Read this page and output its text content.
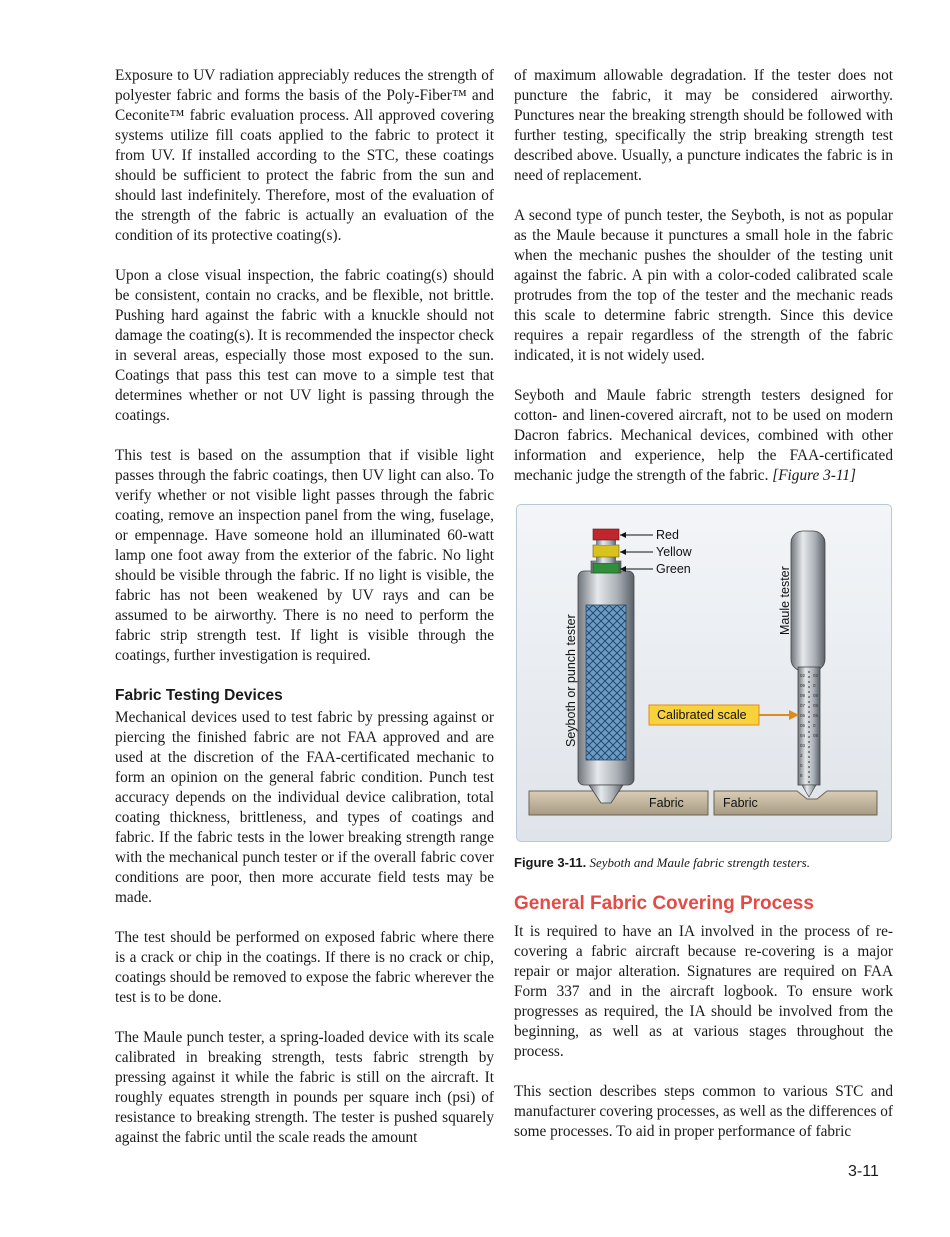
Exposure to UV radiation appreciably reduces the strength of polyester fabric and forms the basis of the Poly-Fiber™ and Ceconite™ fabric evaluation process. All approved covering systems utilize fill coats applied to the fabric to protect it from UV. If installed according to the STC, these coatings should be sufficient to protect the fabric from the sun and should last indefinitely. Therefore, most of the evaluation of the strength of the fabric is actually an evaluation of the condition of its protective coating(s).

Upon a close visual inspection, the fabric coating(s) should be consistent, contain no cracks, and be flexible, not brittle. Pushing hard against the fabric with a knuckle should not damage the coating(s). It is recommended the inspector check in several areas, especially those most exposed to the sun. Coatings that pass this test can move to a simple test that determines whether or not UV light is passing through the coatings.

This test is based on the assumption that if visible light passes through the fabric coatings, then UV light can also. To verify whether or not visible light passes through the fabric coating, remove an inspection panel from the wing, fuselage, or empennage. Have someone hold an illuminated 60-watt lamp one foot away from the exterior of the fabric. No light should be visible through the fabric. If no light is visible, the fabric has not been weakened by UV rays and can be assumed to be airworthy. There is no need to perform the fabric strip strength test. If light is visible through the coatings, further investigation is required.

Fabric Testing Devices

Mechanical devices used to test fabric by pressing against or piercing the finished fabric are not FAA approved and are used at the discretion of the FAA-certificated mechanic to form an opinion on the general fabric condition. Punch test accuracy depends on the individual device calibration, total coating thickness, brittleness, and types of coatings and fabric. If the fabric tests in the lower breaking strength range with the mechanical punch tester or if the overall fabric cover conditions are poor, then more accurate field tests may be made.

The test should be performed on exposed fabric where there is a crack or chip in the coatings. If there is no crack or chip, coatings should be removed to expose the fabric wherever the test is to be done.

The Maule punch tester, a spring-loaded device with its scale calibrated in breaking strength, tests fabric strength by pressing against it while the fabric is still on the aircraft. It roughly equates strength in pounds per square inch (psi) of resistance to breaking strength. The tester is pushed squarely against the fabric until the scale reads the amount

of maximum allowable degradation. If the tester does not puncture the fabric, it may be considered airworthy. Punctures near the breaking strength should be followed with further testing, specifically the strip breaking strength test described above. Usually, a puncture indicates the fabric is in need of replacement.

A second type of punch tester, the Seyboth, is not as popular as the Maule because it punctures a small hole in the fabric when the mechanic pushes the shoulder of the testing unit against the fabric. A pin with a color-coded calibrated scale protrudes from the top of the tester and the mechanic reads this scale to determine fabric strength. Since this device requires a repair regardless of the strength of the fabric indicated, it is not widely used.

Seyboth and Maule fabric strength testers designed for cotton- and linen-covered aircraft, not to be used on modern Dacron fabrics. Mechanical devices, combined with other information and experience, help the FAA-certificated mechanic judge the strength of the fabric. [Figure 3-11]

Red
Yellow
Green
Seyboth or punch tester
Maule tester
Calibrated scale
Fabric	Fabric
02
09
08
07
06
05
04
03
2
0
8
02
0
08
08
08
0
08

Figure 3-11. Seyboth and Maule fabric strength testers.

General Fabric Covering Process

It is required to have an IA involved in the process of re-covering a fabric aircraft because re-covering is a major repair or major alteration. Signatures are required on FAA Form 337 and in the aircraft logbook. To ensure work progresses as required, the IA should be involved from the beginning, as well as at various stages throughout the process.

This section describes steps common to various STC and manufacturer covering processes, as well as the differences of some processes. To aid in proper performance of fabric

3-11
